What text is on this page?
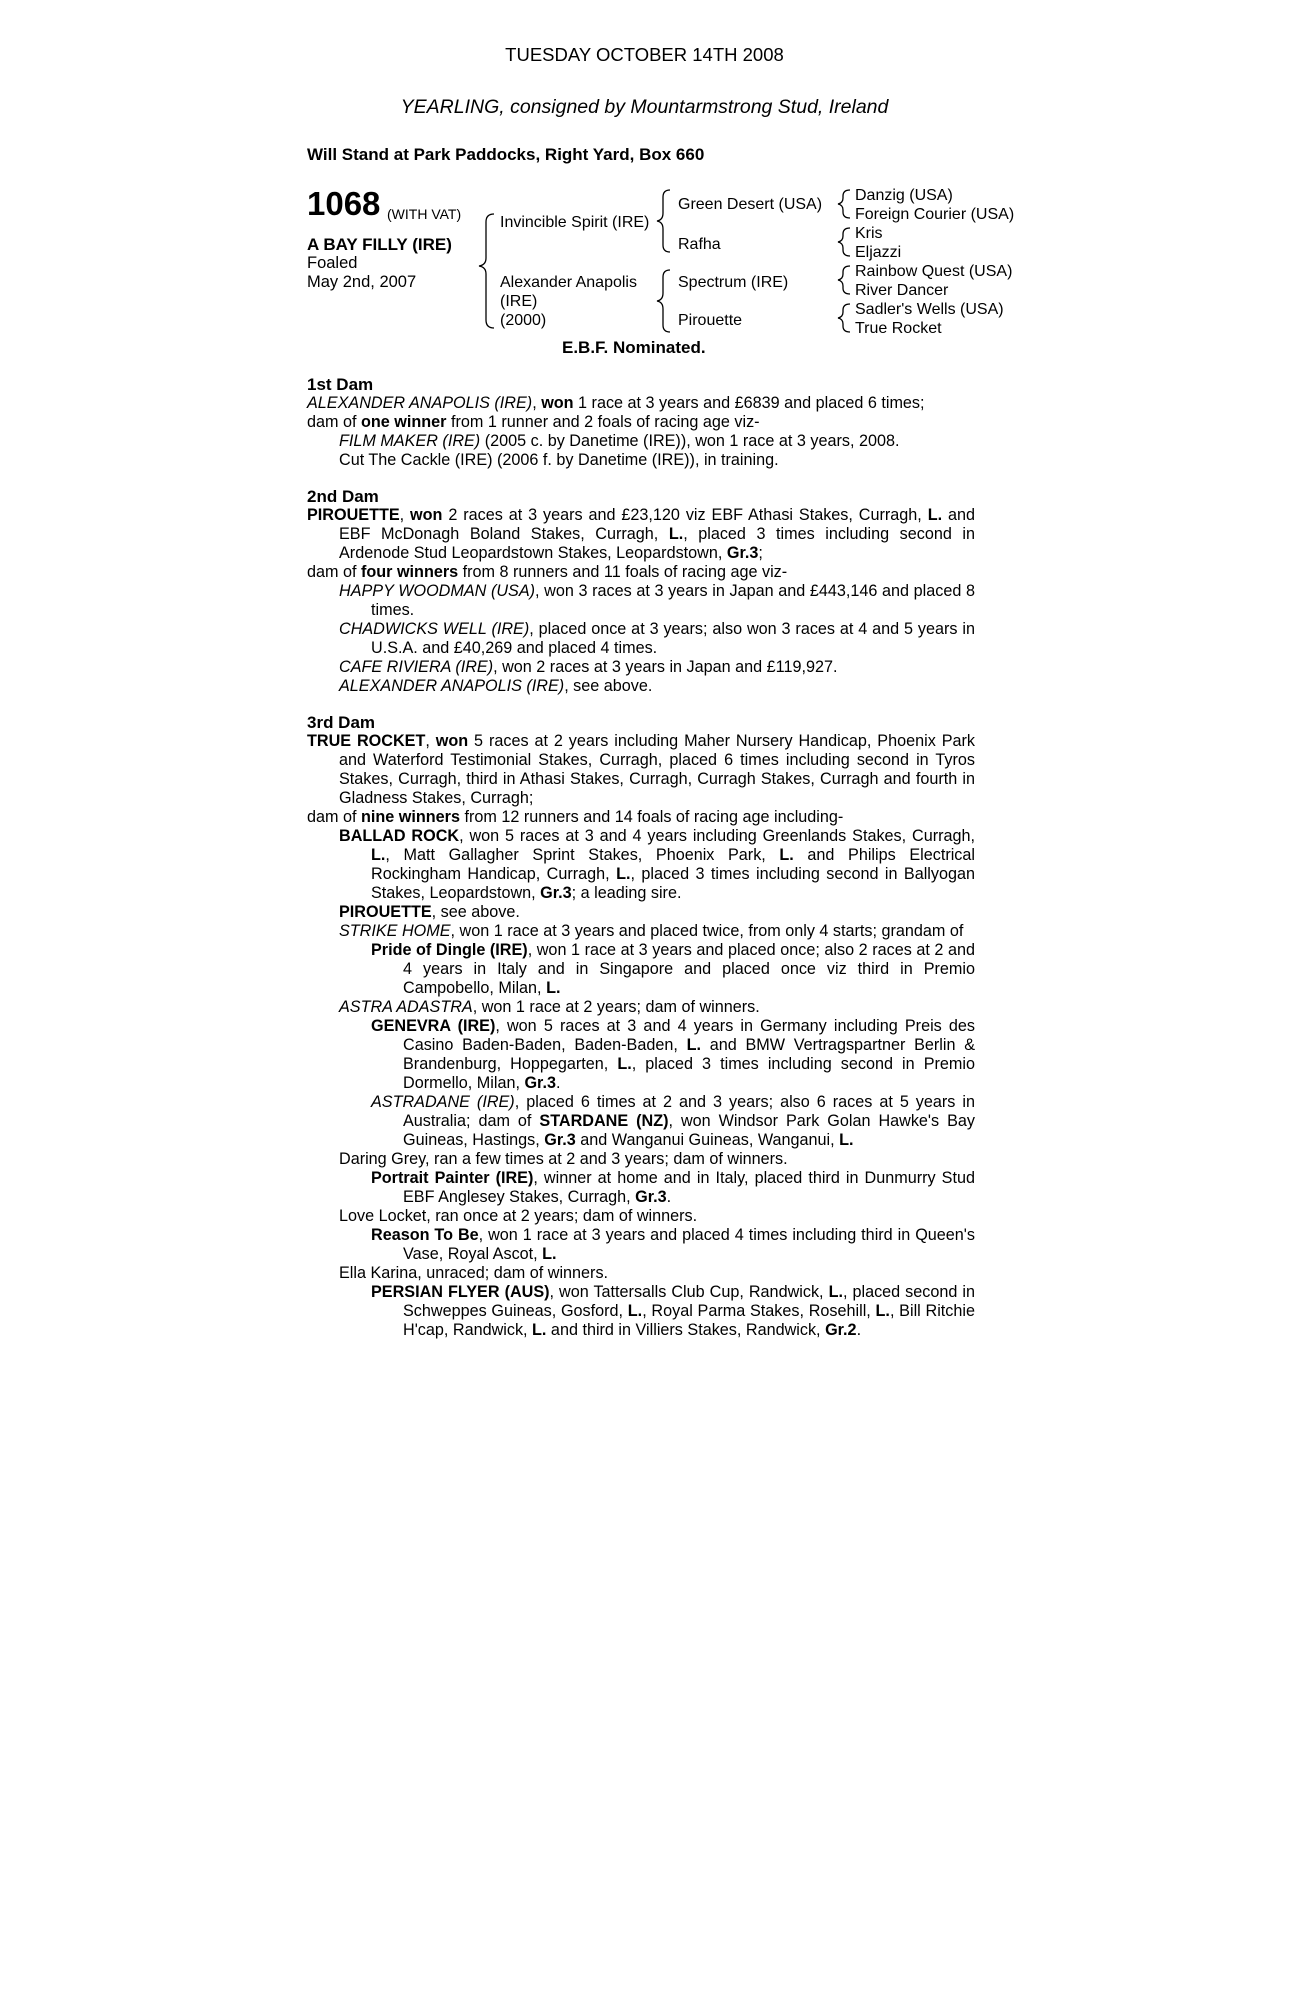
TUESDAY OCTOBER 14TH 2008
YEARLING, consigned by Mountarmstrong Stud, Ireland
Will Stand at Park Paddocks, Right Yard, Box 660
1068 (WITH VAT)
A BAY FILLY (IRE)
Foaled
May 2nd, 2007
Invincible Spirit (IRE)
Alexander Anapolis
(IRE)
(2000)
Green Desert (USA)
Rafha
Spectrum (IRE)
Pirouette
Danzig (USA)
Foreign Courier (USA)
Kris
Eljazzi
Rainbow Quest (USA)
River Dancer
Sadler's Wells (USA)
True Rocket
E.B.F. Nominated.
1st Dam
ALEXANDER ANAPOLIS (IRE), won 1 race at 3 years and £6839 and placed 6 times;
dam of one winner from 1 runner and 2 foals of racing age viz-
FILM MAKER (IRE) (2005 c. by Danetime (IRE)), won 1 race at 3 years, 2008.
Cut The Cackle (IRE) (2006 f. by Danetime (IRE)), in training.
2nd Dam
PIROUETTE, won 2 races at 3 years and £23,120 viz EBF Athasi Stakes, Curragh, L. and EBF McDonagh Boland Stakes, Curragh, L., placed 3 times including second in Ardenode Stud Leopardstown Stakes, Leopardstown, Gr.3;
dam of four winners from 8 runners and 11 foals of racing age viz-
HAPPY WOODMAN (USA), won 3 races at 3 years in Japan and £443,146 and placed 8 times.
CHADWICKS WELL (IRE), placed once at 3 years; also won 3 races at 4 and 5 years in U.S.A. and £40,269 and placed 4 times.
CAFE RIVIERA (IRE), won 2 races at 3 years in Japan and £119,927.
ALEXANDER ANAPOLIS (IRE), see above.
3rd Dam
TRUE ROCKET, won 5 races at 2 years including Maher Nursery Handicap, Phoenix Park and Waterford Testimonial Stakes, Curragh, placed 6 times including second in Tyros Stakes, Curragh, third in Athasi Stakes, Curragh, Curragh Stakes, Curragh and fourth in Gladness Stakes, Curragh;
dam of nine winners from 12 runners and 14 foals of racing age including-
BALLAD ROCK, won 5 races at 3 and 4 years including Greenlands Stakes, Curragh, L., Matt Gallagher Sprint Stakes, Phoenix Park, L. and Philips Electrical Rockingham Handicap, Curragh, L., placed 3 times including second in Ballyogan Stakes, Leopardstown, Gr.3; a leading sire.
PIROUETTE, see above.
STRIKE HOME, won 1 race at 3 years and placed twice, from only 4 starts; grandam of
Pride of Dingle (IRE), won 1 race at 3 years and placed once; also 2 races at 2 and 4 years in Italy and in Singapore and placed once viz third in Premio Campobello, Milan, L.
ASTRA ADASTRA, won 1 race at 2 years; dam of winners.
GENEVRA (IRE), won 5 races at 3 and 4 years in Germany including Preis des Casino Baden-Baden, Baden-Baden, L. and BMW Vertragspartner Berlin & Brandenburg, Hoppegarten, L., placed 3 times including second in Premio Dormello, Milan, Gr.3.
ASTRADANE (IRE), placed 6 times at 2 and 3 years; also 6 races at 5 years in Australia; dam of STARDANE (NZ), won Windsor Park Golan Hawke's Bay Guineas, Hastings, Gr.3 and Wanganui Guineas, Wanganui, L.
Daring Grey, ran a few times at 2 and 3 years; dam of winners.
Portrait Painter (IRE), winner at home and in Italy, placed third in Dunmurry Stud EBF Anglesey Stakes, Curragh, Gr.3.
Love Locket, ran once at 2 years; dam of winners.
Reason To Be, won 1 race at 3 years and placed 4 times including third in Queen's Vase, Royal Ascot, L.
Ella Karina, unraced; dam of winners.
PERSIAN FLYER (AUS), won Tattersalls Club Cup, Randwick, L., placed second in Schweppes Guineas, Gosford, L., Royal Parma Stakes, Rosehill, L., Bill Ritchie H'cap, Randwick, L. and third in Villiers Stakes, Randwick, Gr.2.
